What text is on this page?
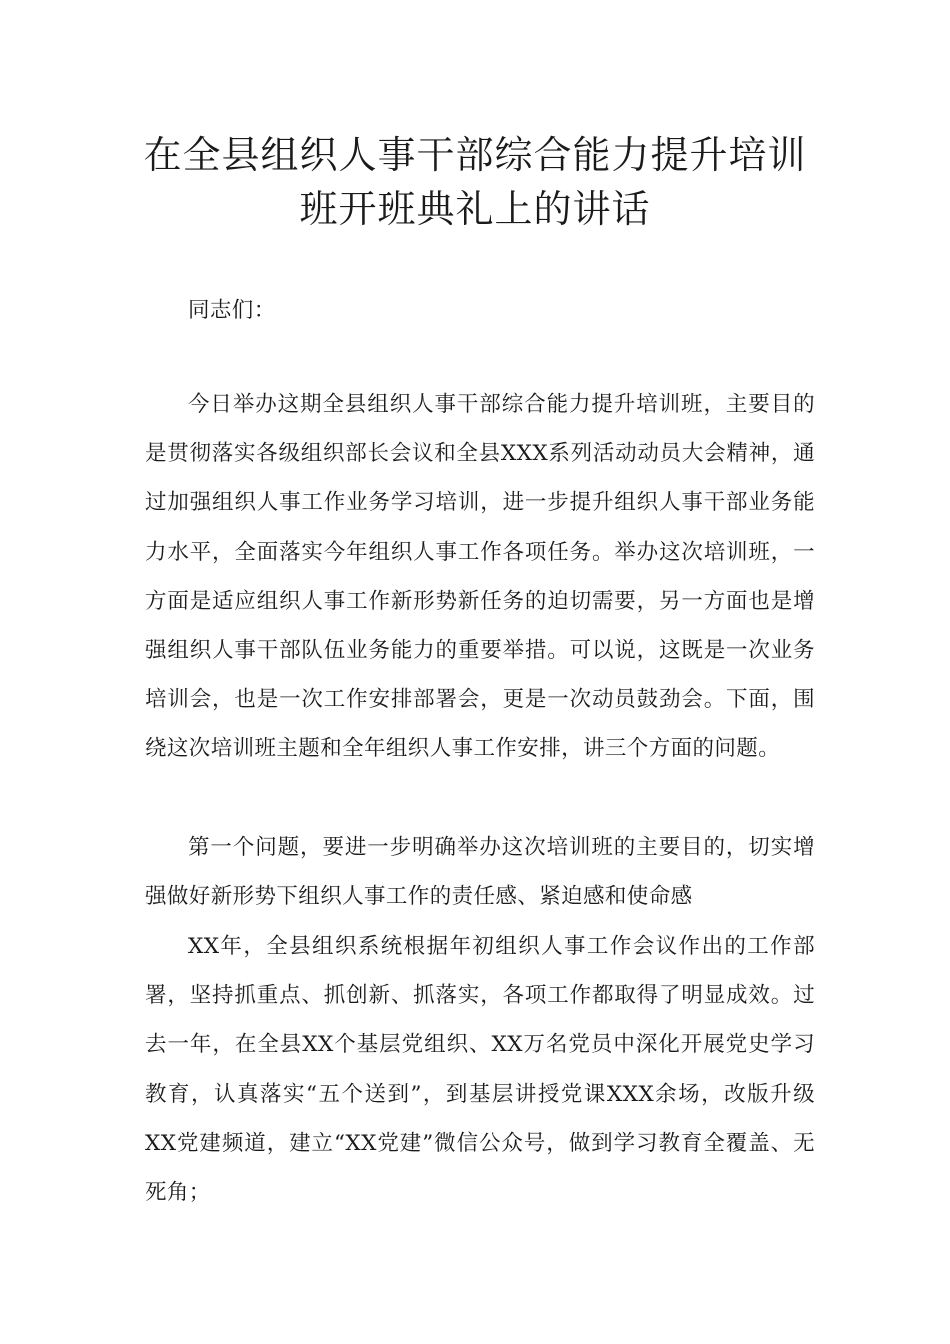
在全县组织人事干部综合能力提升培训
班开班典礼上的讲话

同志们：

今日举办这期全县组织人事干部综合能力提升培训班，主要目的是贯彻落实各级组织部长会议和全县XXX系列活动动员大会精神，通过加强组织人事工作业务学习培训，进一步提升组织人事干部业务能力水平，全面落实今年组织人事工作各项任务。举办这次培训班，一方面是适应组织人事工作新形势新任务的迫切需要，另一方面也是增强组织人事干部队伍业务能力的重要举措。可以说，这既是一次业务培训会，也是一次工作安排部署会，更是一次动员鼓劲会。下面，围绕这次培训班主题和全年组织人事工作安排，讲三个方面的问题。

第一个问题，要进一步明确举办这次培训班的主要目的，切实增强做好新形势下组织人事工作的责任感、紧迫感和使命感

XX年，全县组织系统根据年初组织人事工作会议作出的工作部署，坚持抓重点、抓创新、抓落实，各项工作都取得了明显成效。过去一年，在全县XX个基层党组织、XX万名党员中深化开展党史学习教育，认真落实“五个送到”，到基层讲授党课XXX余场，改版升级XX党建频道，建立“XX党建”微信公众号，做到学习教育全覆盖、无死角；
